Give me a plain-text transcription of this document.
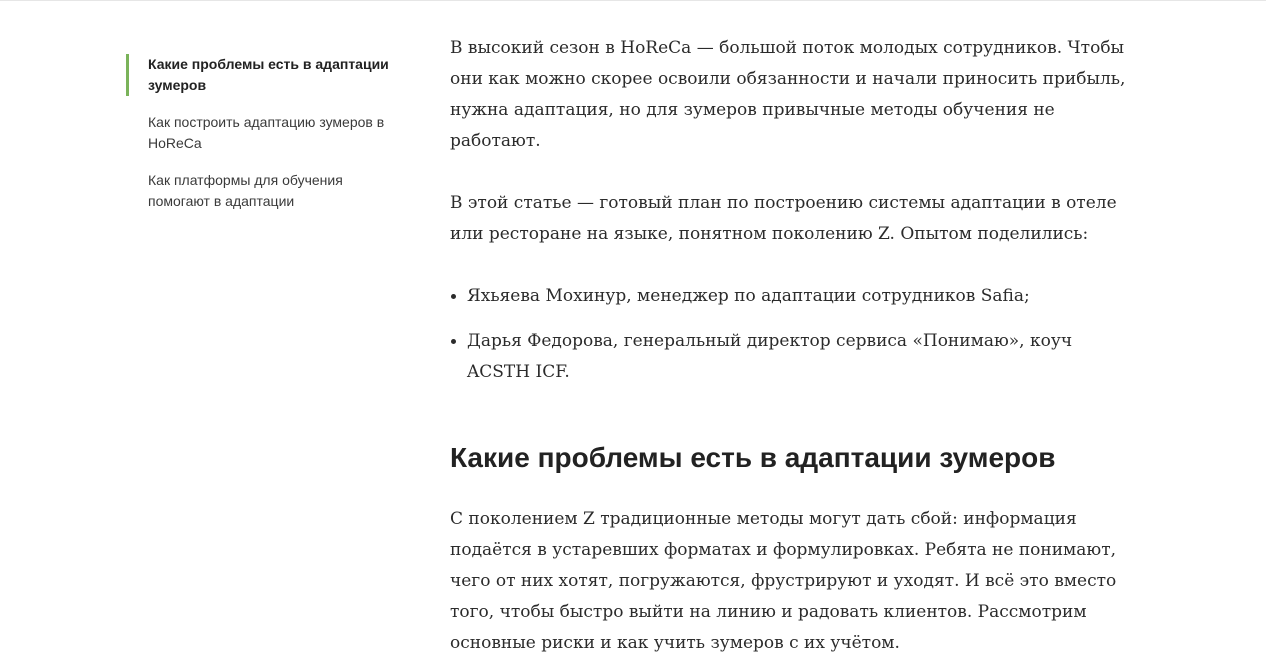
Какие проблемы есть в адаптации зумеров
Как построить адаптацию зумеров в HoReCa
Как платформы для обучения помогают в адаптации

В высокий сезон в HoReCa — большой поток молодых сотрудников. Чтобы они как можно скорее освоили обязанности и начали приносить прибыль, нужна адаптация, но для зумеров привычные методы обучения не работают.

В этой статье — готовый план по построению системы адаптации в отеле или ресторане на языке, понятном поколению Z. Опытом поделились:

Яхьяева Мохинур, менеджер по адаптации сотрудников Safia;
Дарья Федорова, генеральный директор сервиса «Понимаю», коуч ACSTH ICF.
Какие проблемы есть в адаптации зумеров

С поколением Z традиционные методы могут дать сбой: информация подаётся в устаревших форматах и формулировках. Ребята не понимают, чего от них хотят, погружаются, фрустрируют и уходят. И всё это вместо того, чтобы быстро выйти на линию и радовать клиентов. Рассмотрим основные риски и как учить зумеров с их учётом.
